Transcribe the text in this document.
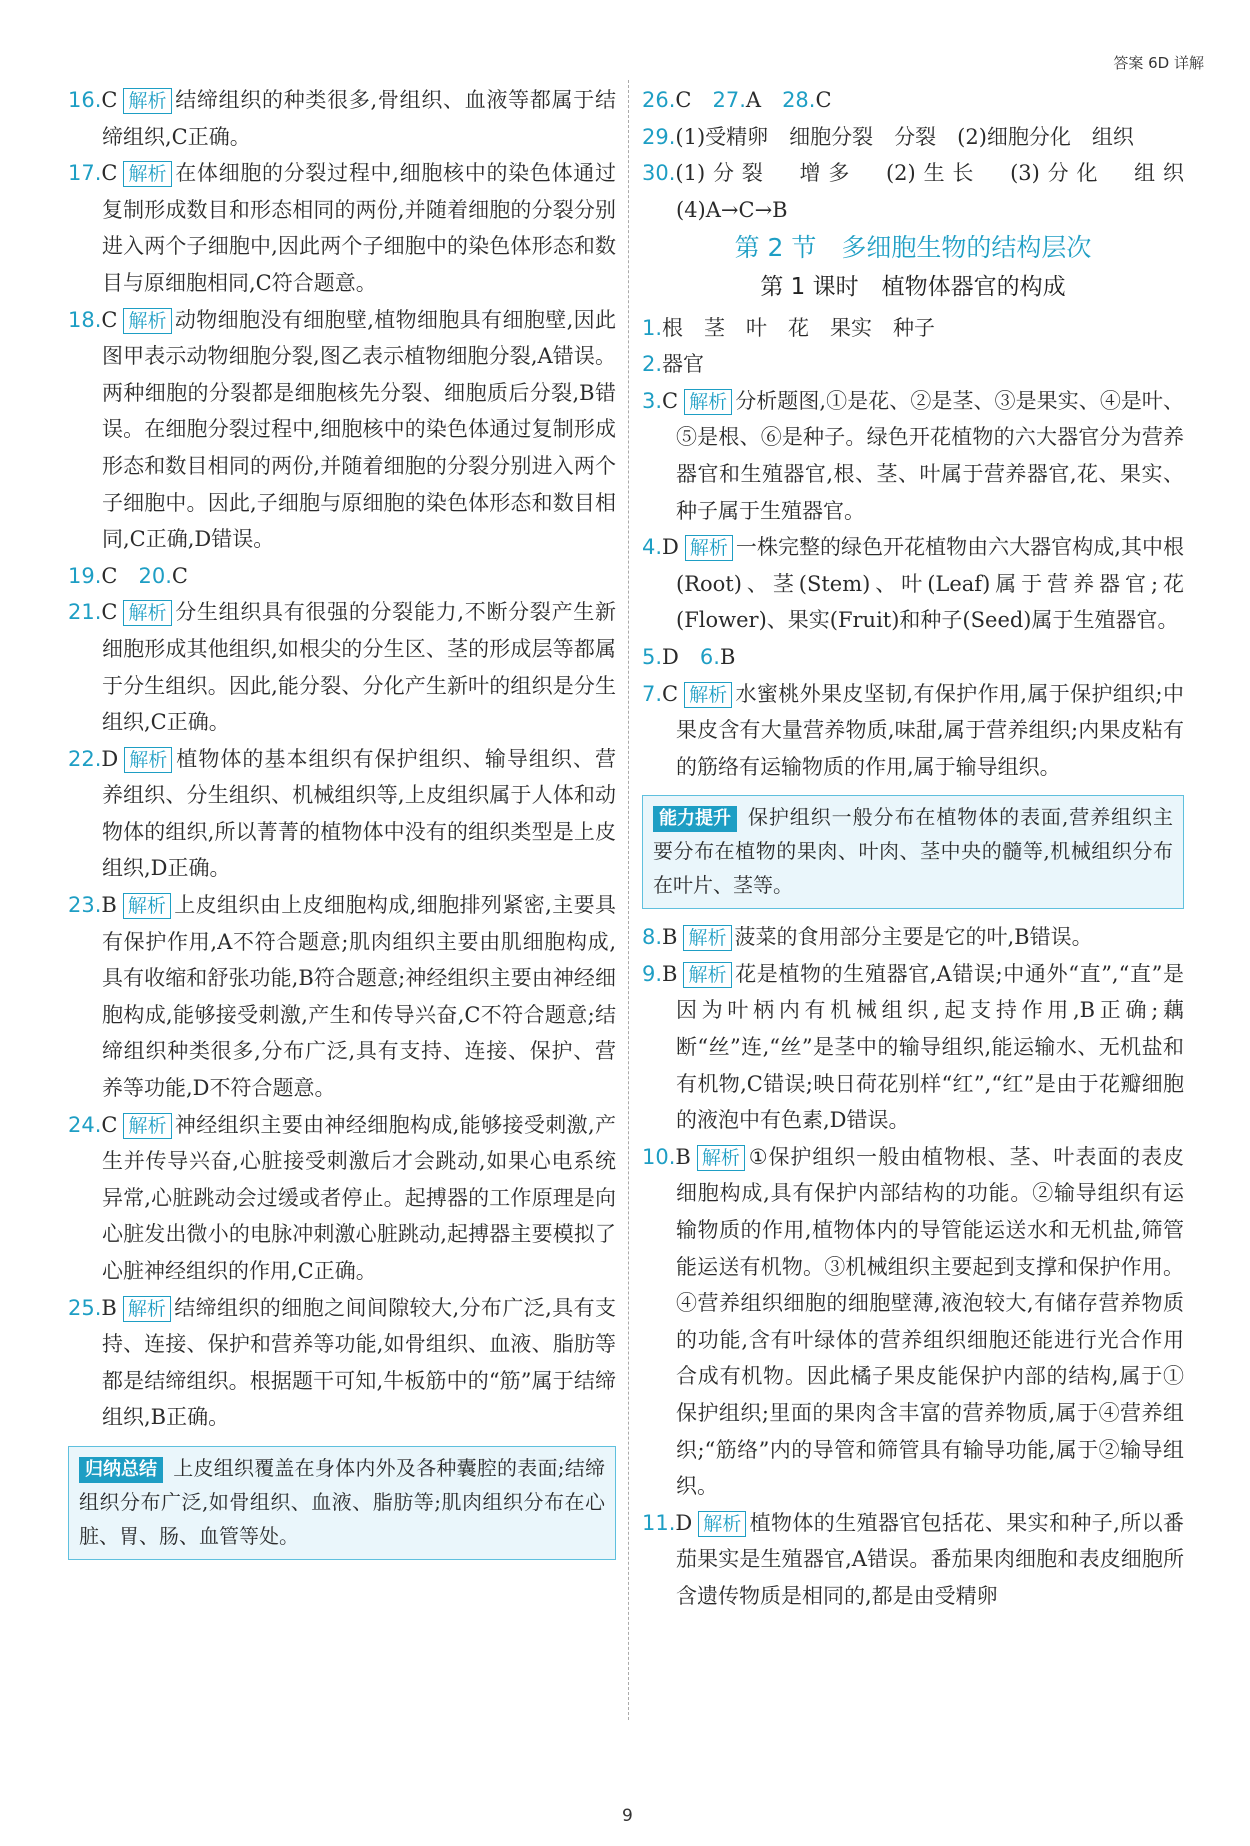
答案 6D 详解

16.C 解析 结缔组织的种类很多,骨组织、血液等都属于结缔组织,C正确。

17.C 解析 在体细胞的分裂过程中,细胞核中的染色体通过复制形成数目和形态相同的两份,并随着细胞的分裂分别进入两个子细胞中,因此两个子细胞中的染色体形态和数目与原细胞相同,C符合题意。

18.C 解析 动物细胞没有细胞壁,植物细胞具有细胞壁,因此图甲表示动物细胞分裂,图乙表示植物细胞分裂,A错误。两种细胞的分裂都是细胞核先分裂、细胞质后分裂,B错误。在细胞分裂过程中,细胞核中的染色体通过复制形成形态和数目相同的两份,并随着细胞的分裂分别进入两个子细胞中。因此,子细胞与原细胞的染色体形态和数目相同,C正确,D错误。

19.C　 20.C

21.C 解析 分生组织具有很强的分裂能力,不断分裂产生新细胞形成其他组织,如根尖的分生区、茎的形成层等都属于分生组织。因此,能分裂、分化产生新叶的组织是分生组织,C正确。

22.D 解析 植物体的基本组织有保护组织、输导组织、营养组织、分生组织、机械组织等,上皮组织属于人体和动物体的组织,所以菁菁的植物体中没有的组织类型是上皮组织,D正确。

23.B 解析 上皮组织由上皮细胞构成,细胞排列紧密,主要具有保护作用,A不符合题意;肌肉组织主要由肌细胞构成,具有收缩和舒张功能,B符合题意;神经组织主要由神经细胞构成,能够接受刺激,产生和传导兴奋,C不符合题意;结缔组织种类很多,分布广泛,具有支持、连接、保护、营养等功能,D不符合题意。

24.C 解析 神经组织主要由神经细胞构成,能够接受刺激,产生并传导兴奋,心脏接受刺激后才会跳动,如果心电系统异常,心脏跳动会过缓或者停止。起搏器的工作原理是向心脏发出微小的电脉冲刺激心脏跳动,起搏器主要模拟了心脏神经组织的作用,C正确。

25.B 解析 结缔组织的细胞之间间隙较大,分布广泛,具有支持、连接、保护和营养等功能,如骨组织、血液、脂肪等都是结缔组织。根据题干可知,牛板筋中的“筋”属于结缔组织,B正确。

归纳总结 上皮组织覆盖在身体内外及各种囊腔的表面;结缔组织分布广泛,如骨组织、血液、脂肪等;肌肉组织分布在心脏、胃、肠、血管等处。

26.C　 27.A　 28.C

29.(1)受精卵　细胞分裂　分裂　(2)细胞分化　组织

30.(1)分裂　增多　(2)生长　(3)分化　组织　(4)A→C→B

第 2 节　多细胞生物的结构层次
第 1 课时　植物体器官的构成

1.根　茎　叶　花　果实　种子

2.器官

3.C 解析 分析题图,①是花、②是茎、③是果实、④是叶、⑤是根、⑥是种子。绿色开花植物的六大器官分为营养器官和生殖器官,根、茎、叶属于营养器官,花、果实、种子属于生殖器官。

4.D 解析 一株完整的绿色开花植物由六大器官构成,其中根(Root)、茎(Stem)、叶(Leaf)属于营养器官;花(Flower)、果实(Fruit)和种子(Seed)属于生殖器官。

5.D　 6.B

7.C 解析 水蜜桃外果皮坚韧,有保护作用,属于保护组织;中果皮含有大量营养物质,味甜,属于营养组织;内果皮粘有的筋络有运输物质的作用,属于输导组织。

能力提升 保护组织一般分布在植物体的表面,营养组织主要分布在植物的果肉、叶肉、茎中央的髓等,机械组织分布在叶片、茎等。

8.B 解析 菠菜的食用部分主要是它的叶,B错误。

9.B 解析 花是植物的生殖器官,A错误;中通外“直”,“直”是因为叶柄内有机械组织,起支持作用,B正确;藕断“丝”连,“丝”是茎中的输导组织,能运输水、无机盐和有机物,C错误;映日荷花别样“红”,“红”是由于花瓣细胞的液泡中有色素,D错误。

10.B 解析 ①保护组织一般由植物根、茎、叶表面的表皮细胞构成,具有保护内部结构的功能。②输导组织有运输物质的作用,植物体内的导管能运送水和无机盐,筛管能运送有机物。③机械组织主要起到支撑和保护作用。④营养组织细胞的细胞壁薄,液泡较大,有储存营养物质的功能,含有叶绿体的营养组织细胞还能进行光合作用合成有机物。因此橘子果皮能保护内部的结构,属于①保护组织;里面的果肉含丰富的营养物质,属于④营养组织;“筋络”内的导管和筛管具有输导功能,属于②输导组织。

11.D 解析 植物体的生殖器官包括花、果实和种子,所以番茄果实是生殖器官,A错误。番茄果肉细胞和表皮细胞所含遗传物质是相同的,都是由受精卵

9
